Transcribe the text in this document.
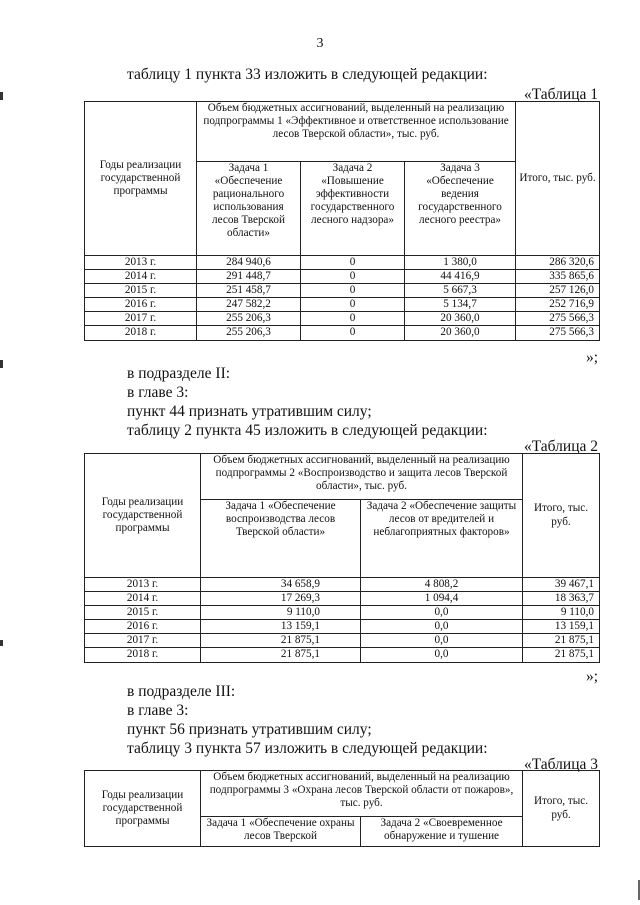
3
таблицу 1 пункта 33 изложить в следующей редакции:
«Таблица 1
Годы реализации государственной программы	Объем бюджетных ассигнований, выделенный на реализацию подпрограммы 1 «Эффективное и ответственное использование лесов Тверской области», тыс. руб.			Итого, тыс. руб.
	Задача 1 «Обеспечение рационального использования лесов Тверской области»	Задача 2 «Повышение эффективности государственного лесного надзора»	Задача 3 «Обеспечение ведения государственного лесного реестра»	
2013 г.	284 940,6	0	1 380,0	286 320,6
2014 г.	291 448,7	0	44 416,9	335 865,6
2015 г.	251 458,7	0	5 667,3	257 126,0
2016 г.	247 582,2	0	5 134,7	252 716,9
2017 г.	255 206,3	0	20 360,0	275 566,3
2018 г.	255 206,3	0	20 360,0	275 566,3
»;
в подразделе II:
в главе 3:
пункт 44 признать утратившим силу;
таблицу 2 пункта 45 изложить в следующей редакции:
«Таблица 2
Годы реализации государственной программы	Объем бюджетных ассигнований, выделенный на реализацию подпрограммы 2 «Воспроизводство и защита лесов Тверской области», тыс. руб.		Итого, тыс. руб.
	Задача 1 «Обеспечение воспроизводства лесов Тверской области»	Задача 2 «Обеспечение защиты лесов от вредителей и неблагоприятных факторов»	
2013 г.	34 658,9	4 808,2	39 467,1
2014 г.	17 269,3	1 094,4	18 363,7
2015 г.	9 110,0	0,0	9 110,0
2016 г.	13 159,1	0,0	13 159,1
2017 г.	21 875,1	0,0	21 875,1
2018 г.	21 875,1	0,0	21 875,1
»;
в подразделе III:
в главе 3:
пункт 56 признать утратившим силу;
таблицу 3 пункта 57 изложить в следующей редакции:
«Таблица 3
Годы реализации государственной программы	Объем бюджетных ассигнований, выделенный на реализацию подпрограммы 3 «Охрана лесов Тверской области от пожаров», тыс. руб.		Итого, тыс. руб.
	Задача 1 «Обеспечение охраны лесов Тверской	Задача 2 «Своевременное обнаружение и тушение	
